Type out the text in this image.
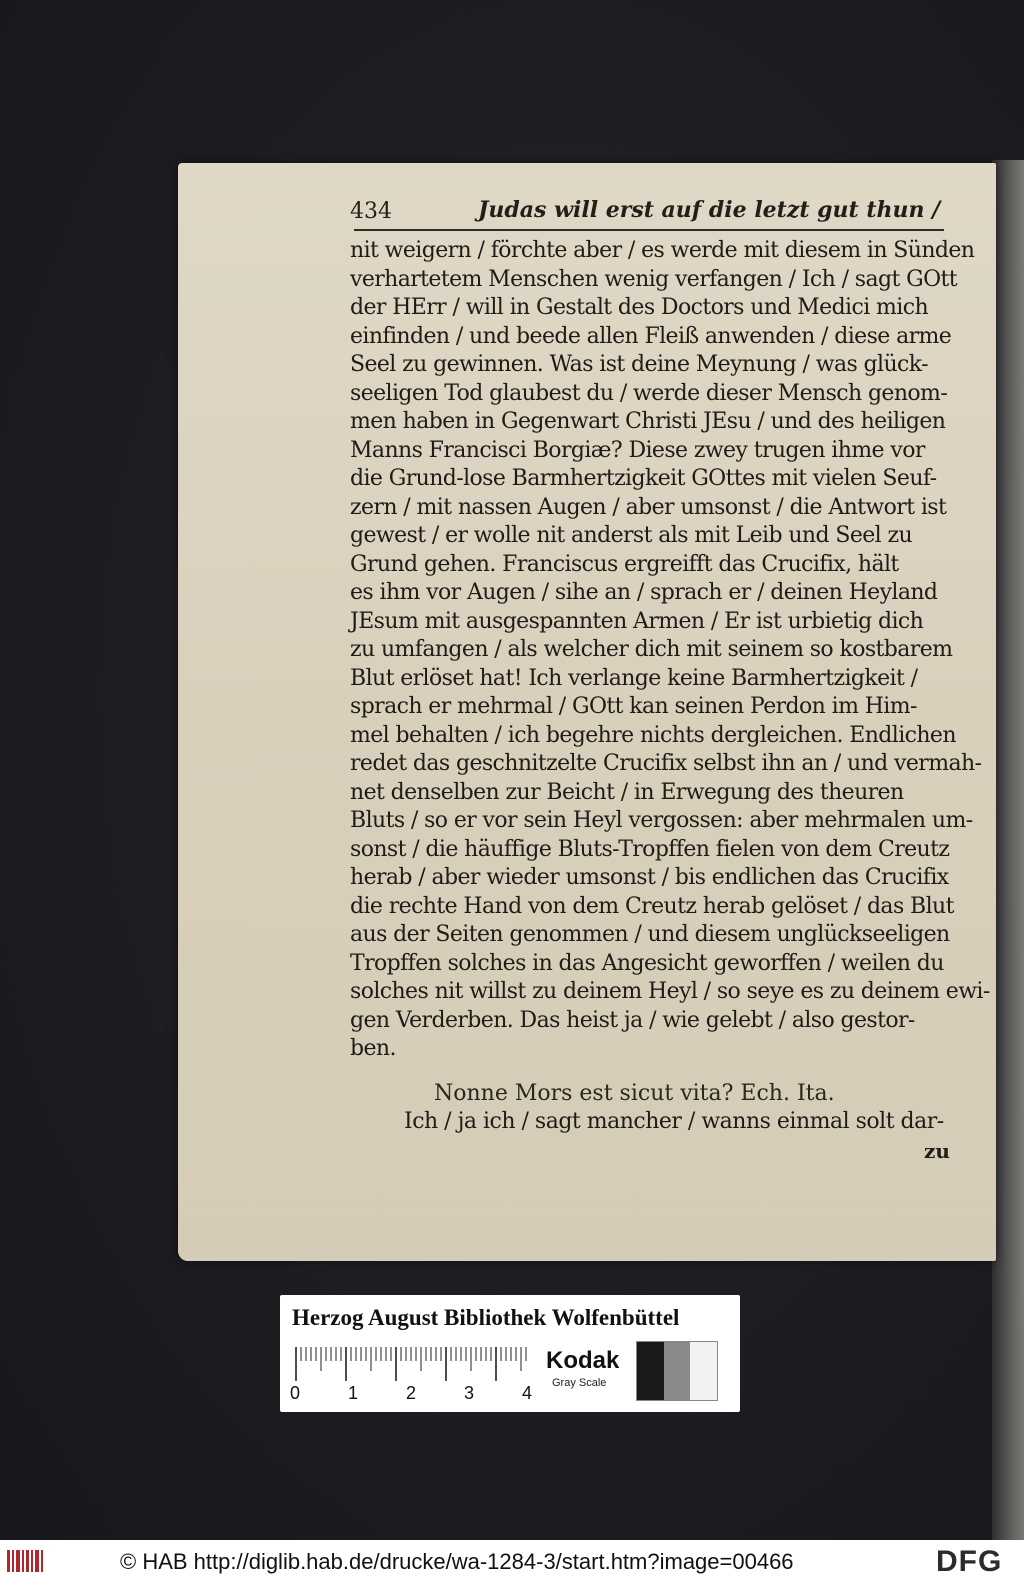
434	Judas will erst auf die letzt gut thun /
nit weigern / förchte aber / es werde mit diesem in Sünden
verhartetem Menschen wenig verfangen / Ich / sagt GOtt
der HErr / will in Gestalt des Doctors und Medici mich
einfinden / und beede allen Fleiß anwenden / diese arme
Seel zu gewinnen. Was ist deine Meynung / was glück-
seeligen Tod glaubest du / werde dieser Mensch genom-
men haben in Gegenwart Christi JEsu / und des heiligen
Manns Francisci Borgiæ? Diese zwey trugen ihme vor
die Grund-lose Barmhertzigkeit GOttes mit vielen Seuf-
zern / mit nassen Augen / aber umsonst / die Antwort ist
gewest / er wolle nit anderst als mit Leib und Seel zu
Grund gehen. Franciscus ergreifft das Crucifix, hält
es ihm vor Augen / sihe an / sprach er / deinen Heyland
JEsum mit ausgespannten Armen / Er ist urbietig dich
zu umfangen / als welcher dich mit seinem so kostbarem
Blut erlöset hat! Ich verlange keine Barmhertzigkeit /
sprach er mehrmal / GOtt kan seinen Perdon im Him-
mel behalten / ich begehre nichts dergleichen. Endlichen
redet das geschnitzelte Crucifix selbst ihn an / und vermah-
net denselben zur Beicht / in Erwegung des theuren
Bluts / so er vor sein Heyl vergossen: aber mehrmalen um-
sonst / die häuffige Bluts-Tropffen fielen von dem Creutz
herab / aber wieder umsonst / bis endlichen das Crucifix
die rechte Hand von dem Creutz herab gelöset / das Blut
aus der Seiten genommen / und diesem unglückseeligen
Tropffen solches in das Angesicht geworffen / weilen du
solches nit willst zu deinem Heyl / so seye es zu deinem ewi-
gen Verderben. Das heist ja / wie gelebt / also gestor-
ben.
Nonne Mors est sicut vita? Ech. Ita.
Ich / ja ich / sagt mancher / wanns einmal solt dar-
zu
Herzog August Bibliothek Wolfenbüttel
0	1	2	3	4
Kodak
Gray Scale
© HAB http://diglib.hab.de/drucke/wa-1284-3/start.htm?image=00466	DFG
